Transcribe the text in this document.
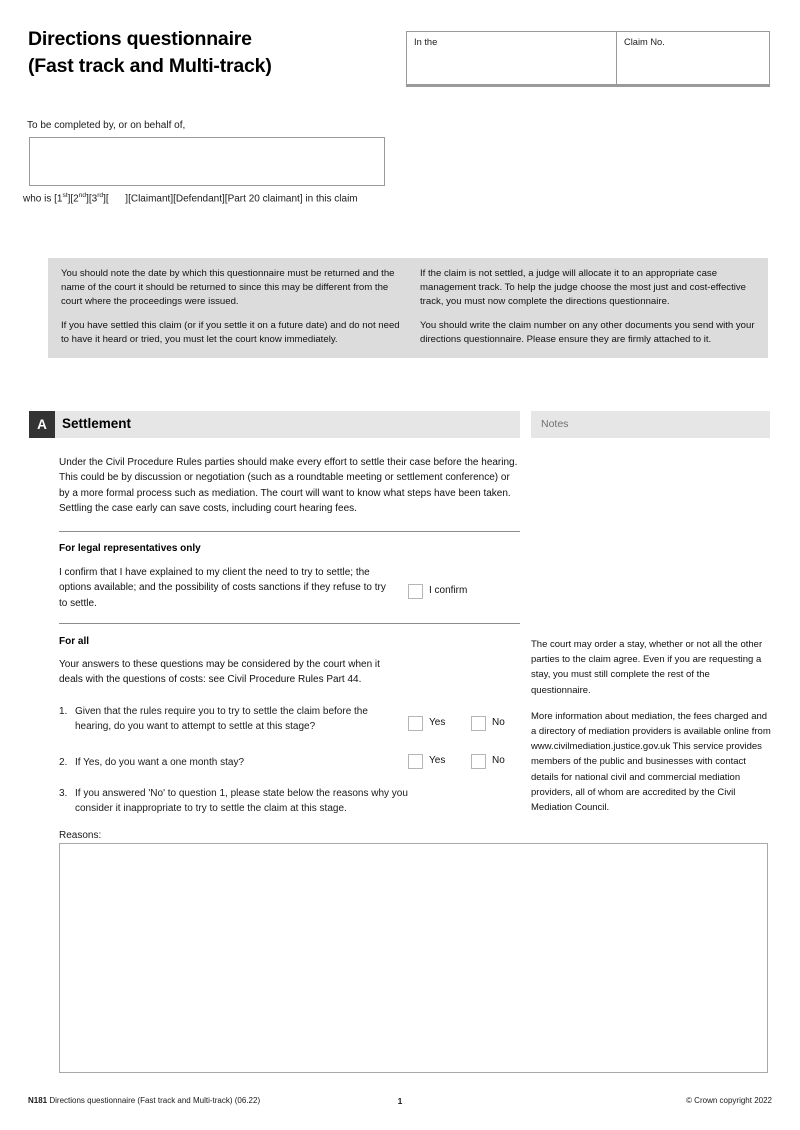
Directions questionnaire
(Fast track and Multi-track)
In the	Claim No.
To be completed by, or on behalf of,
who is [1st][2nd][3rd][      ][Claimant][Defendant][Part 20 claimant] in this claim

You should note the date by which this questionnaire must be returned and the name of the court it should be returned to since this may be different from the court where the proceedings were issued.

If you have settled this claim (or if you settle it on a future date) and do not need to have it heard or tried, you must let the court know immediately.

If the claim is not settled, a judge will allocate it to an appropriate case management track. To help the judge choose the most just and cost-effective track, you must now complete the directions questionnaire.

You should write the claim number on any other documents you send with your directions questionnaire. Please ensure they are firmly attached to it.

A	Settlement	Notes
Under the Civil Procedure Rules parties should make every effort to settle their case before the hearing. This could be by discussion or negotiation (such as a roundtable meeting or settlement conference) or by a more formal process such as mediation. The court will want to know what steps have been taken. Settling the case early can save costs, including court hearing fees.
For legal representatives only
I confirm that I have explained to my client the need to try to settle; the options available; and the possibility of costs sanctions if they refuse to try to settle.
I confirm
For all
Your answers to these questions may be considered by the court when it deals with the questions of costs: see Civil Procedure Rules Part 44.
1. Given that the rules require you to try to settle the claim before the hearing, do you want to attempt to settle at this stage?	Yes	No
2. If Yes, do you want a one month stay?	Yes	No
3. If you answered 'No' to question 1, please state below the reasons why you consider it inappropriate to try to settle the claim at this stage.
Reasons:

The court may order a stay, whether or not all the other parties to the claim agree. Even if you are requesting a stay, you must still complete the rest of the questionnaire.

More information about mediation, the fees charged and a directory of mediation providers is available online from www.civilmediation.justice.gov.uk This service provides members of the public and businesses with contact details for national civil and commercial mediation providers, all of whom are accredited by the Civil Mediation Council.

N181 Directions questionnaire (Fast track and Multi-track) (06.22)	1	© Crown copyright 2022
